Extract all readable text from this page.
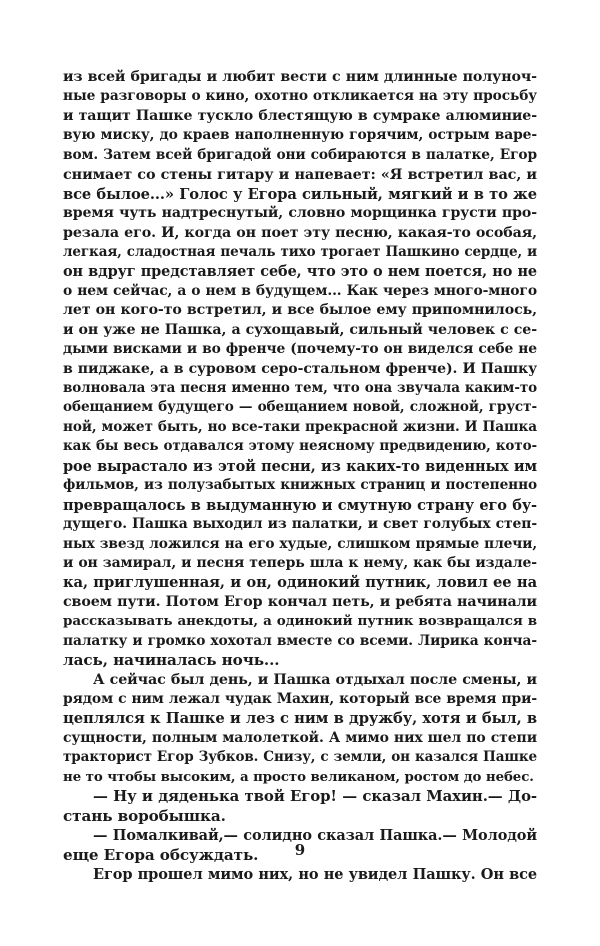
из всей бригады и любит вести с ним длинные полуноч-
ные разговоры о кино, охотно откликается на эту просьбу
и тащит Пашке тускло блестящую в сумраке алюминие-
вую миску, до краев наполненную горячим, острым варе-
вом. Затем всей бригадой они собираются в палатке, Егор
снимает со стены гитару и напевает: «Я встретил вас, и
все былое...» Голос у Егора сильный, мягкий и в то же
время чуть надтреснутый, словно морщинка грусти про-
резала его. И, когда он поет эту песню, какая-то особая,
легкая, сладостная печаль тихо трогает Пашкино сердце, и
он вдруг представляет себе, что это о нем поется, но не
о нем сейчас, а о нем в будущем... Как через много-много
лет он кого-то встретил, и все былое ему припомнилось,
и он уже не Пашка, а сухощавый, сильный человек с се-
дыми висками и во френче (почему-то он виделся себе не
в пиджаке, а в суровом серо-стальном френче). И Пашку
волновала эта песня именно тем, что она звучала каким-то
обещанием будущего — обещанием новой, сложной, груст-
ной, может быть, но все-таки прекрасной жизни. И Пашка
как бы весь отдавался этому неясному предвидению, кото-
рое вырастало из этой песни, из каких-то виденных им
фильмов, из полузабытых книжных страниц и постепенно
превращалось в выдуманную и смутную страну его бу-
дущего. Пашка выходил из палатки, и свет голубых степ-
ных звезд ложился на его худые, слишком прямые плечи,
и он замирал, и песня теперь шла к нему, как бы издале-
ка, приглушенная, и он, одинокий путник, ловил ее на
своем пути. Потом Егор кончал петь, и ребята начинали
рассказывать анекдоты, а одинокий путник возвращался в
палатку и громко хохотал вместе со всеми. Лирика конча-
лась, начиналась ночь...
А сейчас был день, и Пашка отдыхал после смены, и
рядом с ним лежал чудак Махин, который все время при-
цеплялся к Пашке и лез с ним в дружбу, хотя и был, в
сущности, полным малолеткой. А мимо них шел по степи
тракторист Егор Зубков. Снизу, с земли, он казался Пашке
не то чтобы высоким, а просто великаном, ростом до небес.
— Ну и дяденька твой Егор! — сказал Махин.— До-
стань воробышка.
— Помалкивай,— солидно сказал Пашка.— Молодой
еще Егора обсуждать.
Егор прошел мимо них, но не увидел Пашку. Он все
9
